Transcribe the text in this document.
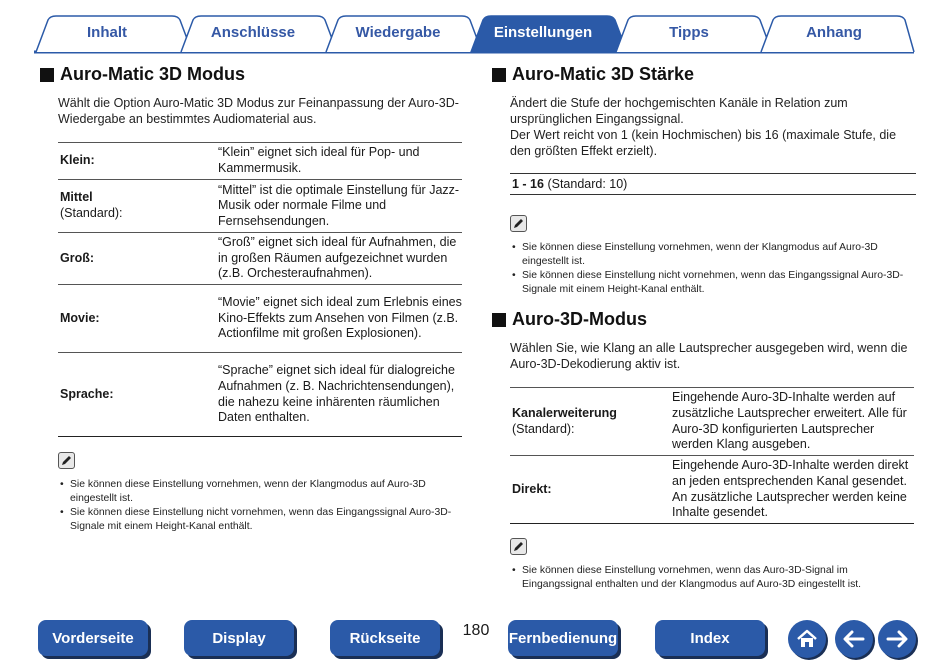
Inhalt	Anschlüsse	Wiedergabe	Einstellungen	Tipps	Anhang
Auro-Matic 3D Modus

Wählt die Option Auro-Matic 3D Modus zur Feinanpassung der Auro-3D-Wiedergabe an bestimmtes Audiomaterial aus.

Klein:	“Klein” eignet sich ideal für Pop- und Kammermusik.
Mittel
(Standard):	“Mittel” ist die optimale Einstellung für Jazz-Musik oder normale Filme und Fernsehsendungen.
Groß:	“Groß” eignet sich ideal für Aufnahmen, die in großen Räumen aufgezeichnet wurden (z.B. Orchesteraufnahmen).
Movie:	“Movie” eignet sich ideal zum Erlebnis eines Kino-Effekts zum Ansehen von Filmen (z.B. Actionfilme mit großen Explosionen).
Sprache:	“Sprache” eignet sich ideal für dialogreiche Aufnahmen (z. B. Nachrichtensendungen), die nahezu keine inhärenten räumlichen Daten enthalten.
• Sie können diese Einstellung vornehmen, wenn der Klangmodus auf Auro-3D eingestellt ist.
• Sie können diese Einstellung nicht vornehmen, wenn das Eingangssignal Auro-3D-Signale mit einem Height-Kanal enthält.
Auro-Matic 3D Stärke

Ändert die Stufe der hochgemischten Kanäle in Relation zum ursprünglichen Eingangssignal.

Der Wert reicht von 1 (kein Hochmischen) bis 16 (maximale Stufe, die den größten Effekt erzielt).

1 - 16 (Standard: 10)
• Sie können diese Einstellung vornehmen, wenn der Klangmodus auf Auro-3D eingestellt ist.
• Sie können diese Einstellung nicht vornehmen, wenn das Eingangssignal Auro-3D-Signale mit einem Height-Kanal enthält.
Auro-3D-Modus

Wählen Sie, wie Klang an alle Lautsprecher ausgegeben wird, wenn die Auro-3D-Dekodierung aktiv ist.

Kanalerweiterung
(Standard):	Eingehende Auro-3D-Inhalte werden auf zusätzliche Lautsprecher erweitert. Alle für Auro-3D konfigurierten Lautsprecher werden Klang ausgeben.
Direkt:	Eingehende Auro-3D-Inhalte werden direkt an jeden entsprechenden Kanal gesendet. An zusätzliche Lautsprecher werden keine Inhalte gesendet.
• Sie können diese Einstellung vornehmen, wenn das Auro-3D-Signal im Eingangssignal enthalten und der Klangmodus auf Auro-3D eingestellt ist.
Vorderseite	Display	Rückseite	180	Fernbedienung	Index
